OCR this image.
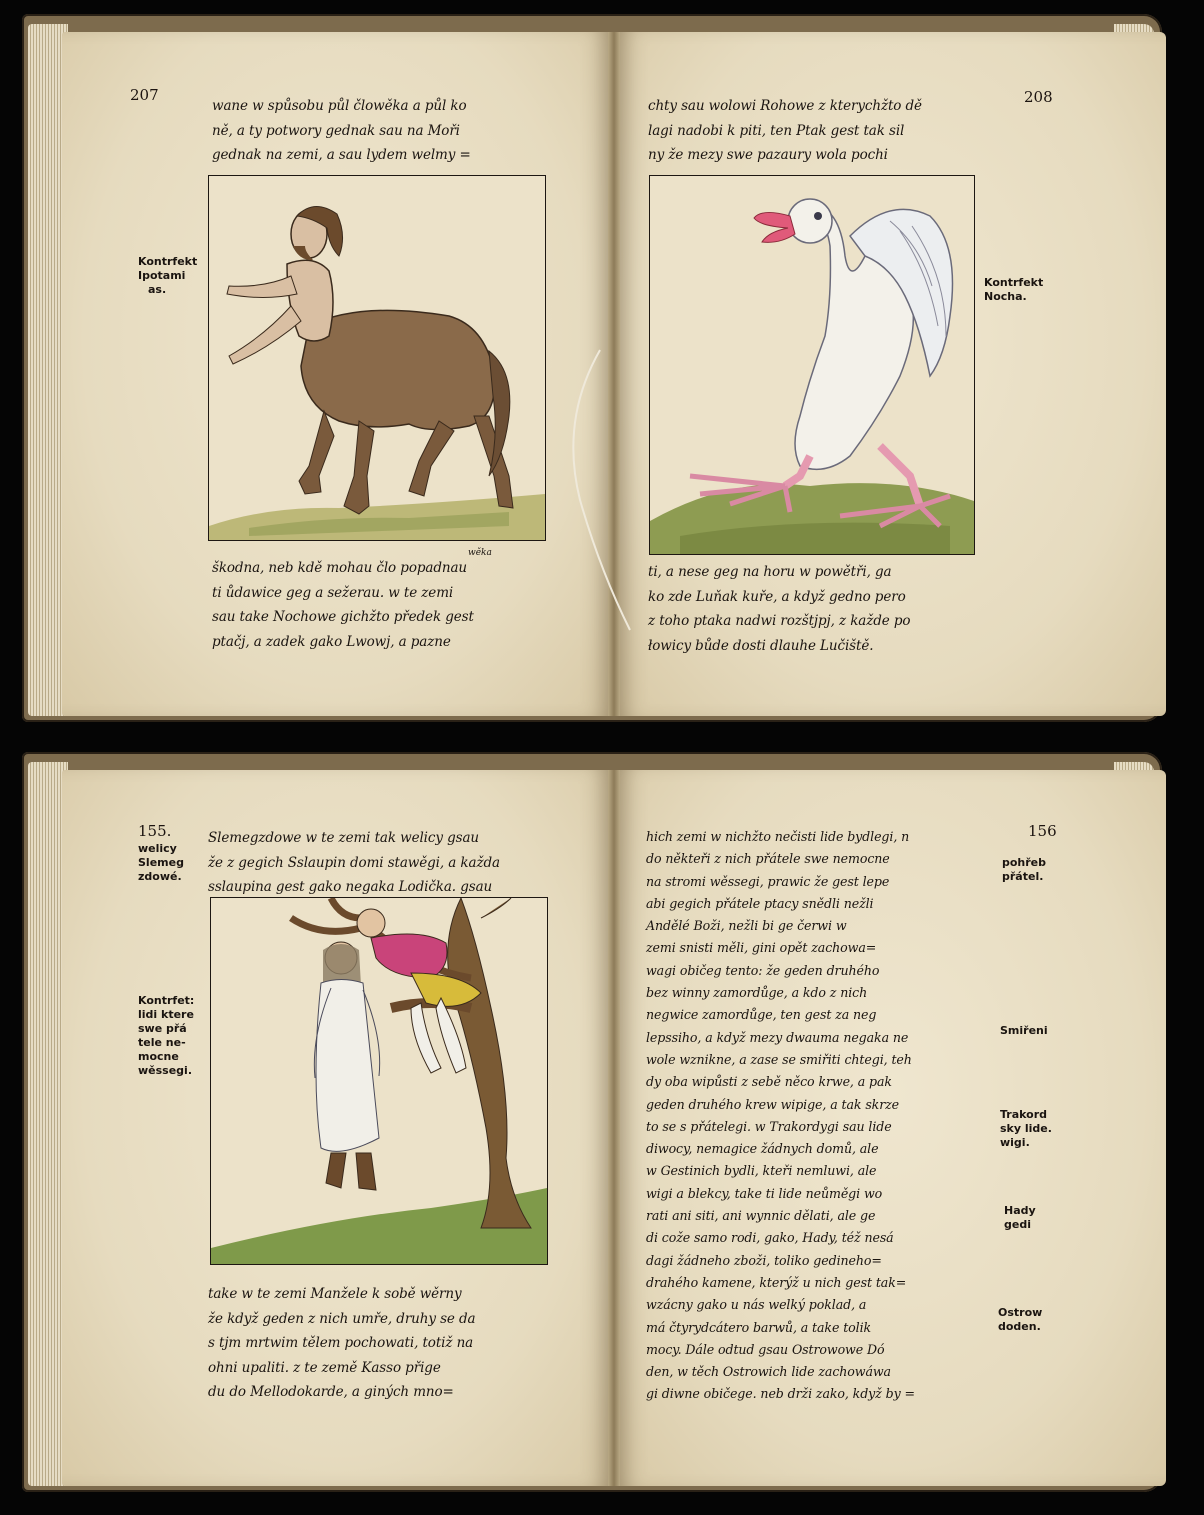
207
wane w spůsobu půl člowěka a půl ko
ně, a ty potwory gednak sau na Moři
gednak na zemi, a sau lydem welmy =
Kontrfekt
Ipotami
as.
škodna, neb kdě mohau člo popadnau
ti ůdawice geg a sežerau. w te zemi
sau take Nochowe gichžto předek gest
ptačj, a zadek gako Lwowj, a pazne
wěka
208
chty sau wolowi Rohowe z kterychžto dě
lagi nadobi k piti, ten Ptak gest tak sil
ny že mezy swe pazaury wola pochi
Kontrfekt
Nocha.
ti, a nese geg na horu w powětři, ga
ko zde Luňak kuře, a když gedno pero
z toho ptaka nadwi rozštjpj, z každe po
łowicy bůde dosti dlauhe Lučiště.
155.
welicy
Slemeg
zdowé.
Slemegzdowe w te zemi tak welicy gsau
že z gegich Sslaupin domi stawěgi, a každa
sslaupina gest gako negaka Lodička. gsau
Kontrfet:
lidi ktere
swe přá
tele ne-
mocne
wěssegi.
take w te zemi Manžele k sobě wěrny
že když geden z nich umře, druhy se da
s tjm mrtwim tělem pochowati, totiž na
ohni upaliti. z te země Kasso přige
du do Mellodokarde, a giných mno=
156
hich zemi w nichžto nečisti lide bydlegi, n
do někteři z nich přátele swe nemocne
na stromi wěssegi, prawic že gest lepe
abi gegich přátele ptacy snědli nežli
Andělé Boži, nežli bi ge čerwi w
zemi snisti měli, gini opět zachowa=
wagi običeg tento: že geden druhého
bez winny zamordůge, a kdo z nich
negwice zamordůge, ten gest za neg
lepssiho, a když mezy dwauma negaka ne
wole wznikne, a zase se smiřiti chtegi, teh
dy oba wipůsti z sebě něco krwe, a pak
geden druhého krew wipige, a tak skrze
to se s přátelegi. w Trakordygi sau lide
diwocy, nemagice žádnych domů, ale
w Gestinich bydli, kteři nemluwi, ale
wigi a blekcy, take ti lide neůměgi wo
rati ani siti, ani wynnic dělati, ale ge
di cože samo rodi, gako, Hady, též nesá
dagi žádneho zboži, toliko gedineho=
drahého kamene, kterýž u nich gest tak=
wzácny gako u nás welký poklad, a
má čtyrydcátero barwů, a take tolik
mocy. Dále odtud gsau Ostrowowe Dó
den, w těch Ostrowich lide zachowáwa
gi diwne običege. neb drži zako, když by =
pohřeb
přátel.
Smiřeni
Trakord
sky lide.
wigi.
Hady
gedi
Ostrow
doden.
